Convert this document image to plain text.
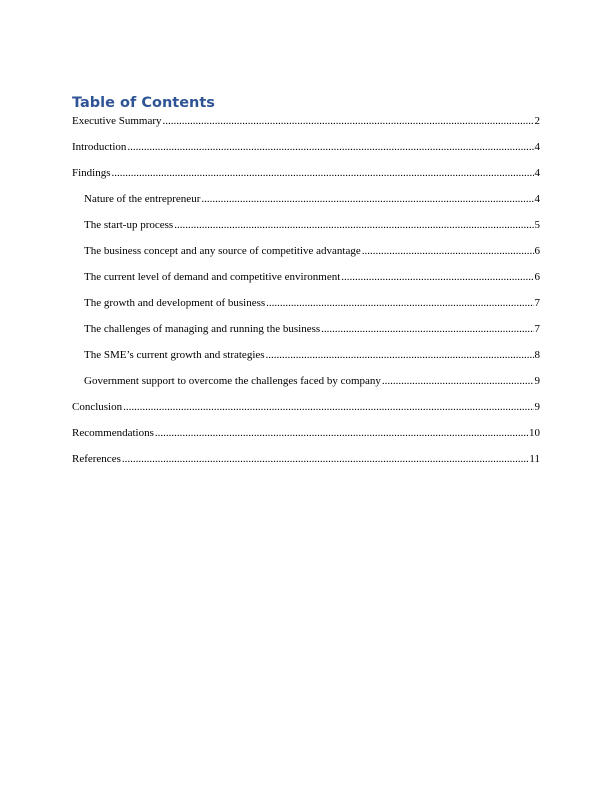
Table of Contents
Executive Summary .....	2
Introduction .....	4
Findings .....	4
Nature of the entrepreneur .....	4
The start-up process .....	5
The business concept and any source of competitive advantage .....	6
The current level of demand and competitive environment .....	6
The growth and development of business .....	7
The challenges of managing and running the business .....	7
The SME’s current growth and strategies .....	8
Government support to overcome the challenges faced by company .....	9
Conclusion .....	9
Recommendations .....	10
References .....	11
